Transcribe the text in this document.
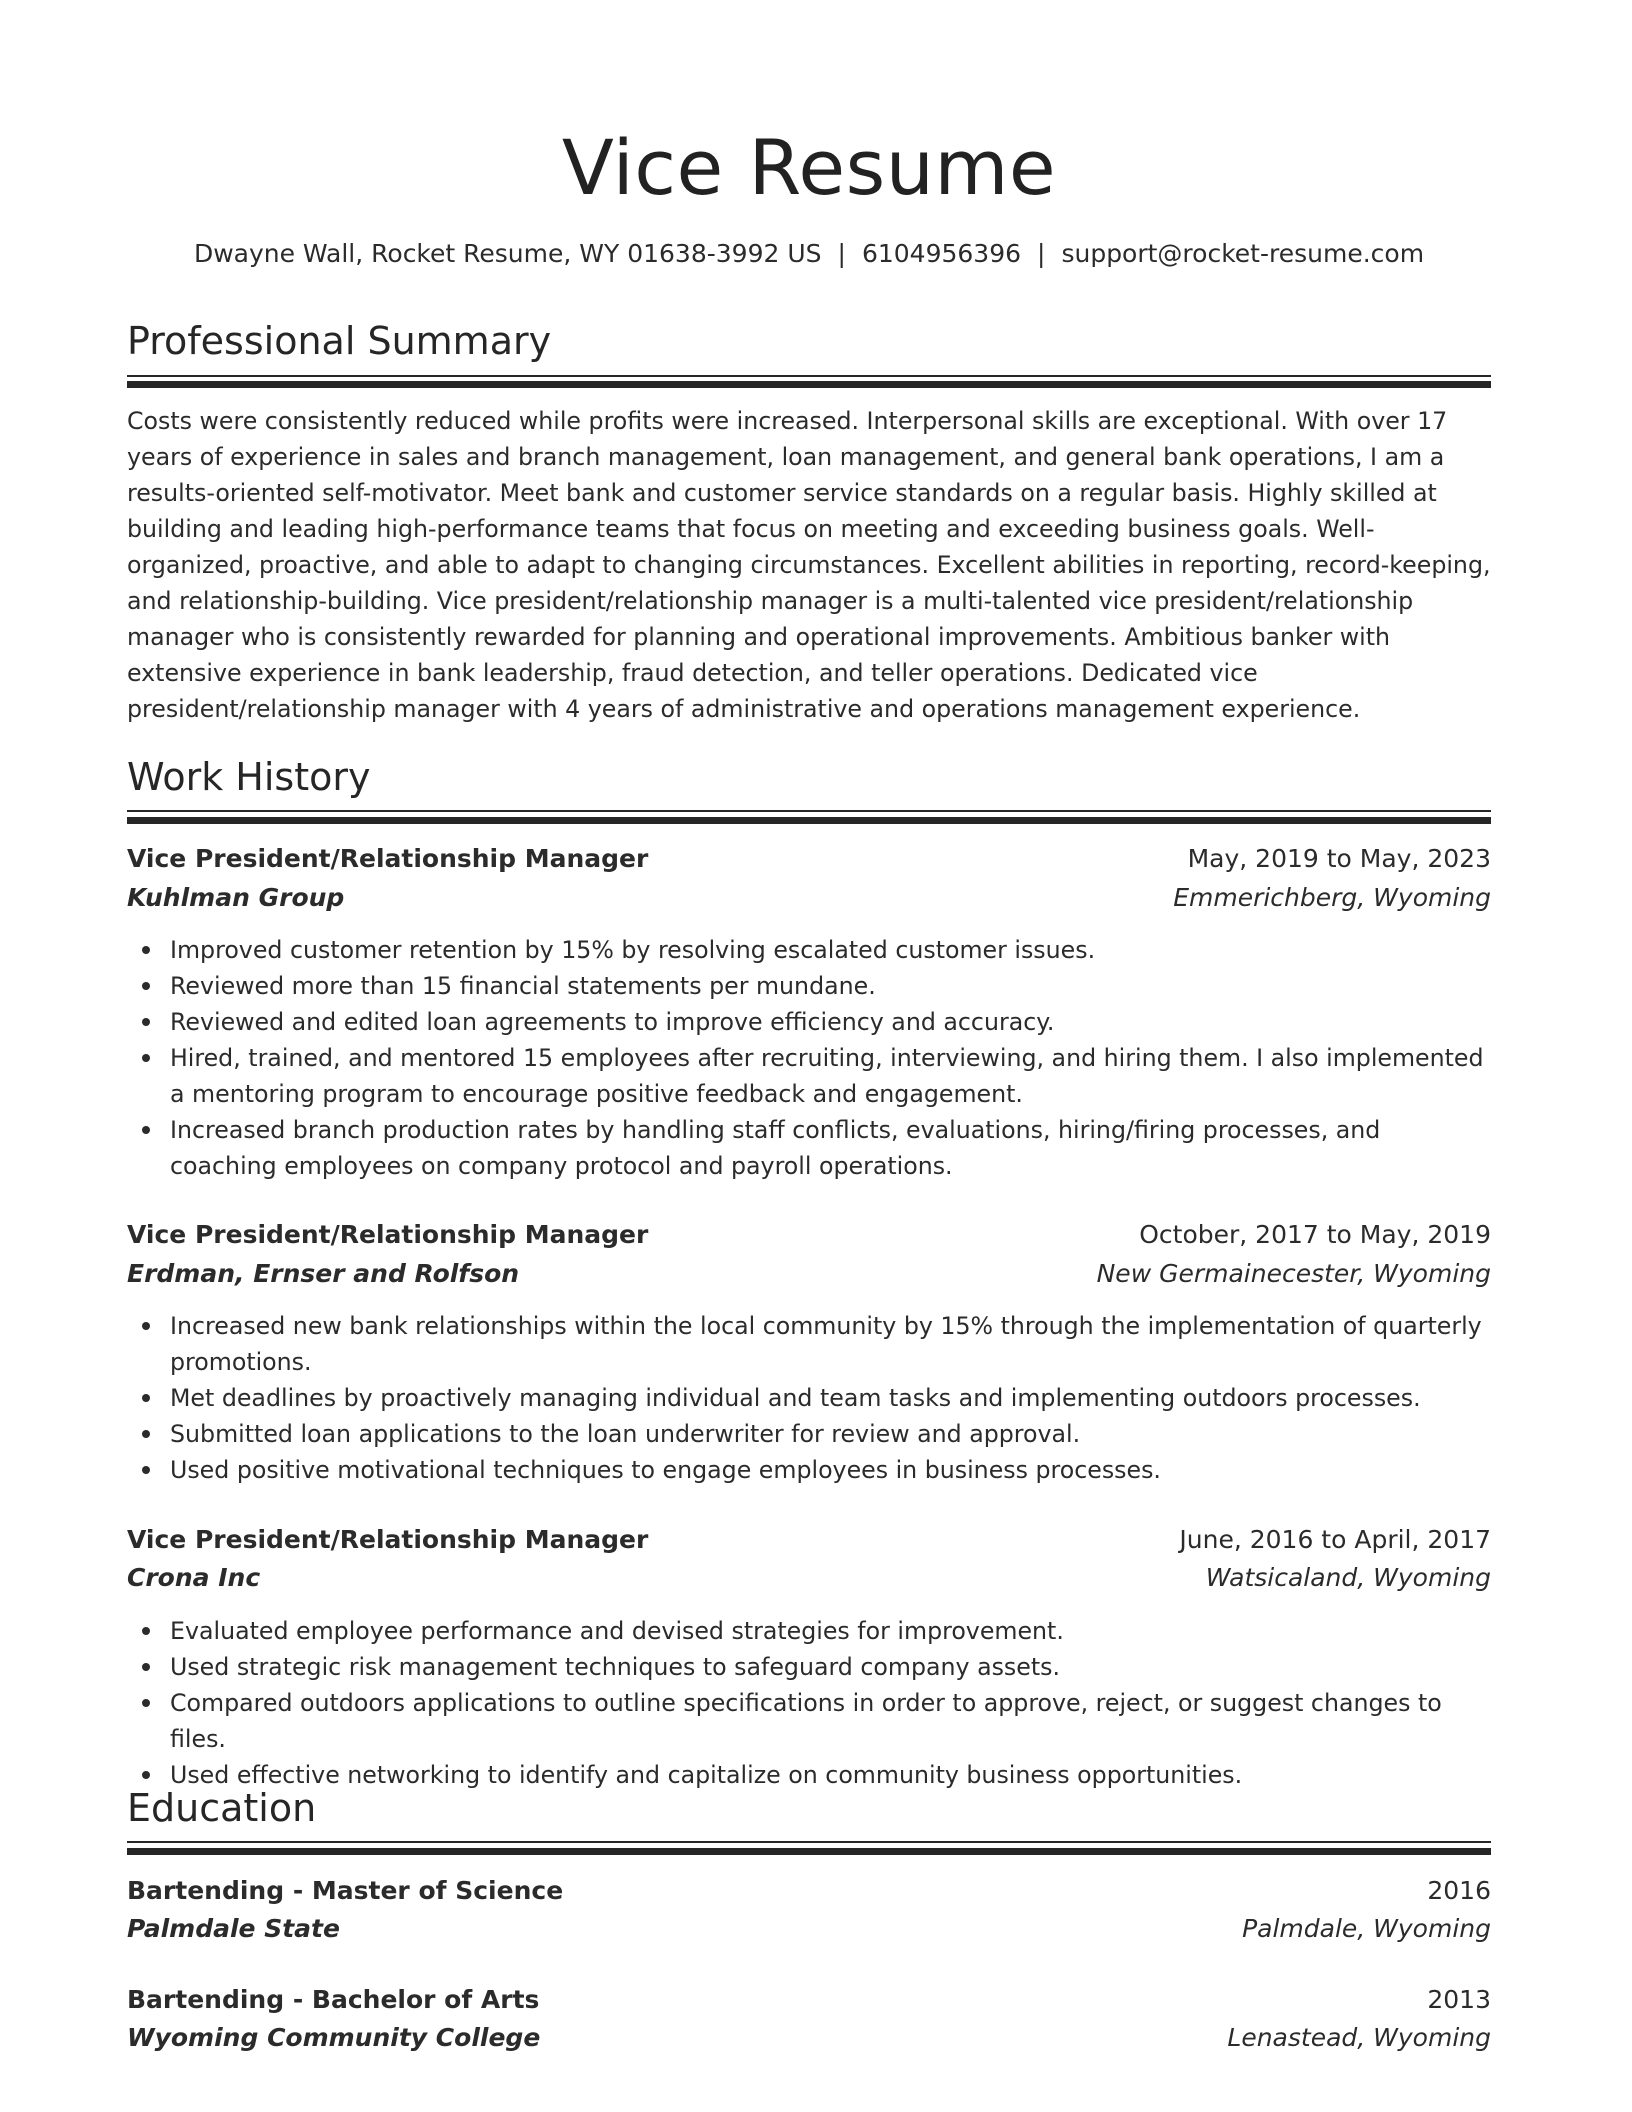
Vice Resume
Dwayne Wall, Rocket Resume, WY 01638-3992 US | 6104956396 | support@rocket-resume.com
Professional Summary

Costs were consistently reduced while profits were increased. Interpersonal skills are exceptional. With over 17 years of experience in sales and branch management, loan management, and general bank operations, I am a results-oriented self-motivator. Meet bank and customer service standards on a regular basis. Highly skilled at building and leading high-performance teams that focus on meeting and exceeding business goals. Well-organized, proactive, and able to adapt to changing circumstances. Excellent abilities in reporting, record-keeping, and relationship-building. Vice president/relationship manager is a multi-talented vice president/relationship manager who is consistently rewarded for planning and operational improvements. Ambitious banker with extensive experience in bank leadership, fraud detection, and teller operations. Dedicated vice president/relationship manager with 4 years of administrative and operations management experience.

Work History
Vice President/Relationship Manager	May, 2019 to May, 2023
Kuhlman Group	Emmerichberg, Wyoming
Improved customer retention by 15% by resolving escalated customer issues.
Reviewed more than 15 financial statements per mundane.
Reviewed and edited loan agreements to improve efficiency and accuracy.
Hired, trained, and mentored 15 employees after recruiting, interviewing, and hiring them. I also implemented a mentoring program to encourage positive feedback and engagement.
Increased branch production rates by handling staff conflicts, evaluations, hiring/firing processes, and coaching employees on company protocol and payroll operations.
Vice President/Relationship Manager	October, 2017 to May, 2019
Erdman, Ernser and Rolfson	New Germainecester, Wyoming
Increased new bank relationships within the local community by 15% through the implementation of quarterly promotions.
Met deadlines by proactively managing individual and team tasks and implementing outdoors processes.
Submitted loan applications to the loan underwriter for review and approval.
Used positive motivational techniques to engage employees in business processes.
Vice President/Relationship Manager	June, 2016 to April, 2017
Crona Inc	Watsicaland, Wyoming
Evaluated employee performance and devised strategies for improvement.
Used strategic risk management techniques to safeguard company assets.
Compared outdoors applications to outline specifications in order to approve, reject, or suggest changes to files.
Used effective networking to identify and capitalize on community business opportunities.
Education
Bartending - Master of Science	2016
Palmdale State	Palmdale, Wyoming
Bartending - Bachelor of Arts	2013
Wyoming Community College	Lenastead, Wyoming
